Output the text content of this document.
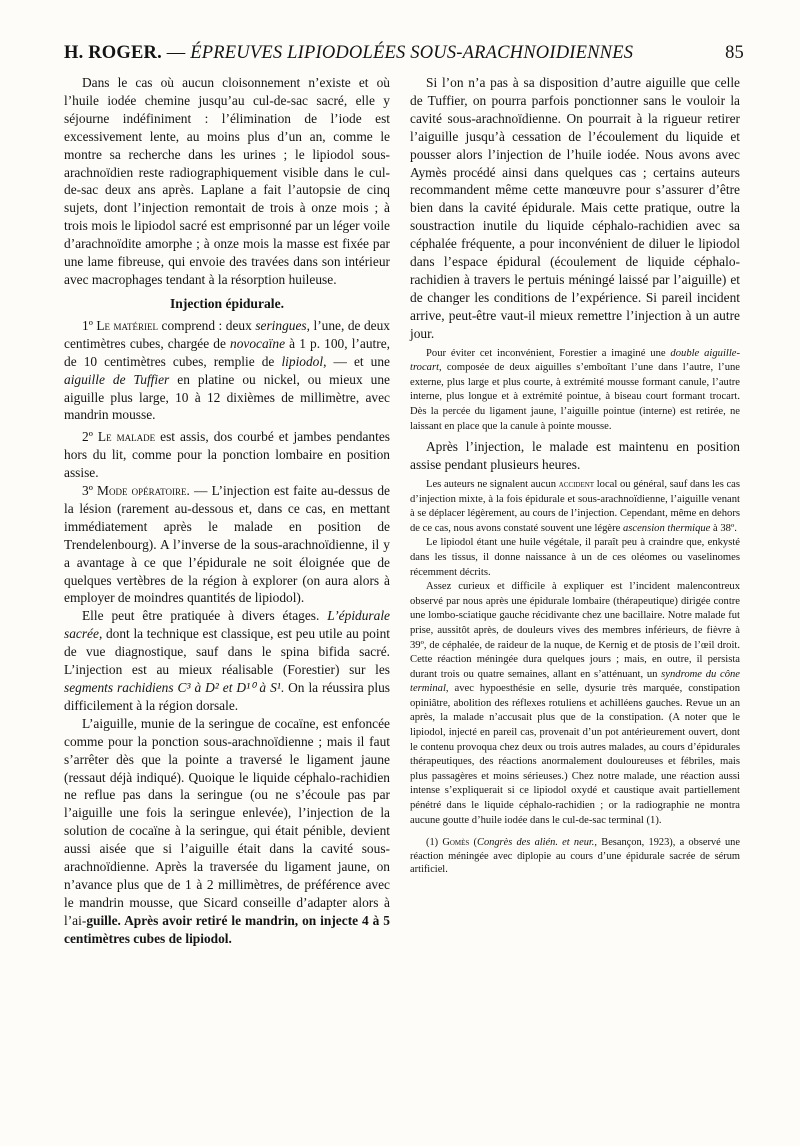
H. ROGER. — ÉPREUVES LIPIODOLÉES SOUS-ARACHNOIDIENNES	85

Dans le cas où aucun cloisonnement n’existe et où l’huile iodée chemine jusqu’au cul-de-sac sacré, elle y séjourne indéfiniment : l’élimination de l’iode est excessivement lente, au moins plus d’un an, comme le montre sa recherche dans les urines ; le lipiodol sous-arachnoïdien reste radiographiquement visible dans le cul-de-sac deux ans après. Laplane a fait l’autopsie de cinq sujets, dont l’injection remontait de trois à onze mois ; à trois mois le lipiodol sacré est emprisonné par un léger voile d’arachnoïdite amorphe ; à onze mois la masse est fixée par une lame fibreuse, qui envoie des travées dans son intérieur avec macrophages tendant à la résorption huileuse.

Injection épidurale.

1º Le matériel comprend : deux seringues, l’une, de deux centimètres cubes, chargée de novocaïne à 1 p. 100, l’autre, de 10 centimètres cubes, remplie de lipiodol, — et une aiguille de Tuffier en platine ou nickel, ou mieux une aiguille plus large, 10 à 12 dixièmes de millimètre, avec mandrin mousse.

2º Le malade est assis, dos courbé et jambes pendantes hors du lit, comme pour la ponction lombaire en position assise.

3º Mode opératoire. — L’injection est faite au-dessus de la lésion (rarement au-dessous et, dans ce cas, en mettant immédiatement après le malade en position de Trendelenbourg). A l’inverse de la sous-arachnoïdienne, il y a avantage à ce que l’épidurale ne soit éloignée que de quelques vertèbres de la région à explorer (on aura alors à employer de moindres quantités de lipiodol).

Elle peut être pratiquée à divers étages. L’épidurale sacrée, dont la technique est classique, est peu utile au point de vue diagnostique, sauf dans le spina bifida sacré. L’injection est au mieux réalisable (Forestier) sur les segments rachidiens C³ à D² et D¹⁰ à S¹. On la réussira plus difficilement à la région dorsale.

L’aiguille, munie de la seringue de cocaïne, est enfoncée comme pour la ponction sous-arachnoïdienne ; mais il faut s’arrêter dès que la pointe a traversé le ligament jaune (ressaut déjà indiqué). Quoique le liquide céphalo-rachidien ne reflue pas dans la seringue (ou ne s’écoule pas par l’aiguille une fois la seringue enlevée), l’injection de la solution de cocaïne à la seringue, qui était pénible, devient aussi aisée que si l’aiguille était dans la cavité sous-arachnoïdienne. Après la traversée du ligament jaune, on n’avance plus que de 1 à 2 millimètres, de préférence avec le mandrin mousse, que Sicard conseille d’adapter alors à l’ai-guille. Après avoir retiré le mandrin, on injecte 4 à 5 centimètres cubes de lipiodol.

Si l’on n’a pas à sa disposition d’autre aiguille que celle de Tuffier, on pourra parfois ponctionner sans le vouloir la cavité sous-arachnoïdienne. On pourrait à la rigueur retirer l’aiguille jusqu’à cessation de l’écoulement du liquide et pousser alors l’injection de l’huile iodée. Nous avons avec Aymès procédé ainsi dans quelques cas ; certains auteurs recommandent même cette manœuvre pour s’assurer d’être bien dans la cavité épidurale. Mais cette pratique, outre la soustraction inutile du liquide céphalo-rachidien avec sa céphalée fréquente, a pour inconvénient de diluer le lipiodol dans l’espace épidural (écoulement de liquide céphalo-rachidien à travers le pertuis méningé laissé par l’aiguille) et de changer les conditions de l’expérience. Si pareil incident arrive, peut-être vaut-il mieux remettre l’injection à un autre jour.

Pour éviter cet inconvénient, Forestier a imaginé une double aiguille-trocart, composée de deux aiguilles s’emboîtant l’une dans l’autre, l’une externe, plus large et plus courte, à extrémité mousse formant canule, l’autre interne, plus longue et à extrémité pointue, à biseau court formant trocart. Dès la percée du ligament jaune, l’aiguille pointue (interne) est retirée, ne laissant en place que la canule à pointe mousse.

Après l’injection, le malade est maintenu en position assise pendant plusieurs heures.

Les auteurs ne signalent aucun accident local ou général, sauf dans les cas d’injection mixte, à la fois épidurale et sous-arachnoïdienne, l’aiguille venant à se déplacer légèrement, au cours de l’injection. Cependant, même en dehors de ce cas, nous avons constaté souvent une légère ascension thermique à 38º.

Le lipiodol étant une huile végétale, il paraît peu à craindre que, enkysté dans les tissus, il donne naissance à un de ces oléomes ou vaselinomes récemment décrits.

Assez curieux et difficile à expliquer est l’incident malencontreux observé par nous après une épidurale lombaire (thérapeutique) dirigée contre une lombo-sciatique gauche récidivante chez une bacillaire. Notre malade fut prise, aussitôt après, de douleurs vives des membres inférieurs, de fièvre à 39º, de céphalée, de raideur de la nuque, de Kernig et de ptosis de l’œil droit. Cette réaction méningée dura quelques jours ; mais, en outre, il persista durant trois ou quatre semaines, allant en s’atténuant, un syndrome du cône terminal, avec hypoesthésie en selle, dysurie très marquée, constipation opiniâtre, abolition des réflexes rotuliens et achilléens gauches. Revue un an après, la malade n’accusait plus que de la constipation. (A noter que le lipiodol, injecté en pareil cas, provenait d’un pot antérieurement ouvert, dont le contenu provoqua chez deux ou trois autres malades, au cours d’épidurales thérapeutiques, des réactions anormalement douloureuses et fébriles, mais plus passagères et moins sérieuses.) Chez notre malade, une réaction aussi intense s’expliquerait si ce lipiodol oxydé et caustique avait partiellement pénétré dans le liquide céphalo-rachidien ; or la radiographie ne montra aucune goutte d’huile iodée dans le cul-de-sac terminal (1).

(1) Gomès (Congrès des alién. et neur., Besançon, 1923), a observé une réaction méningée avec diplopie au cours d’une épidurale sacrée de sérum artificiel.
